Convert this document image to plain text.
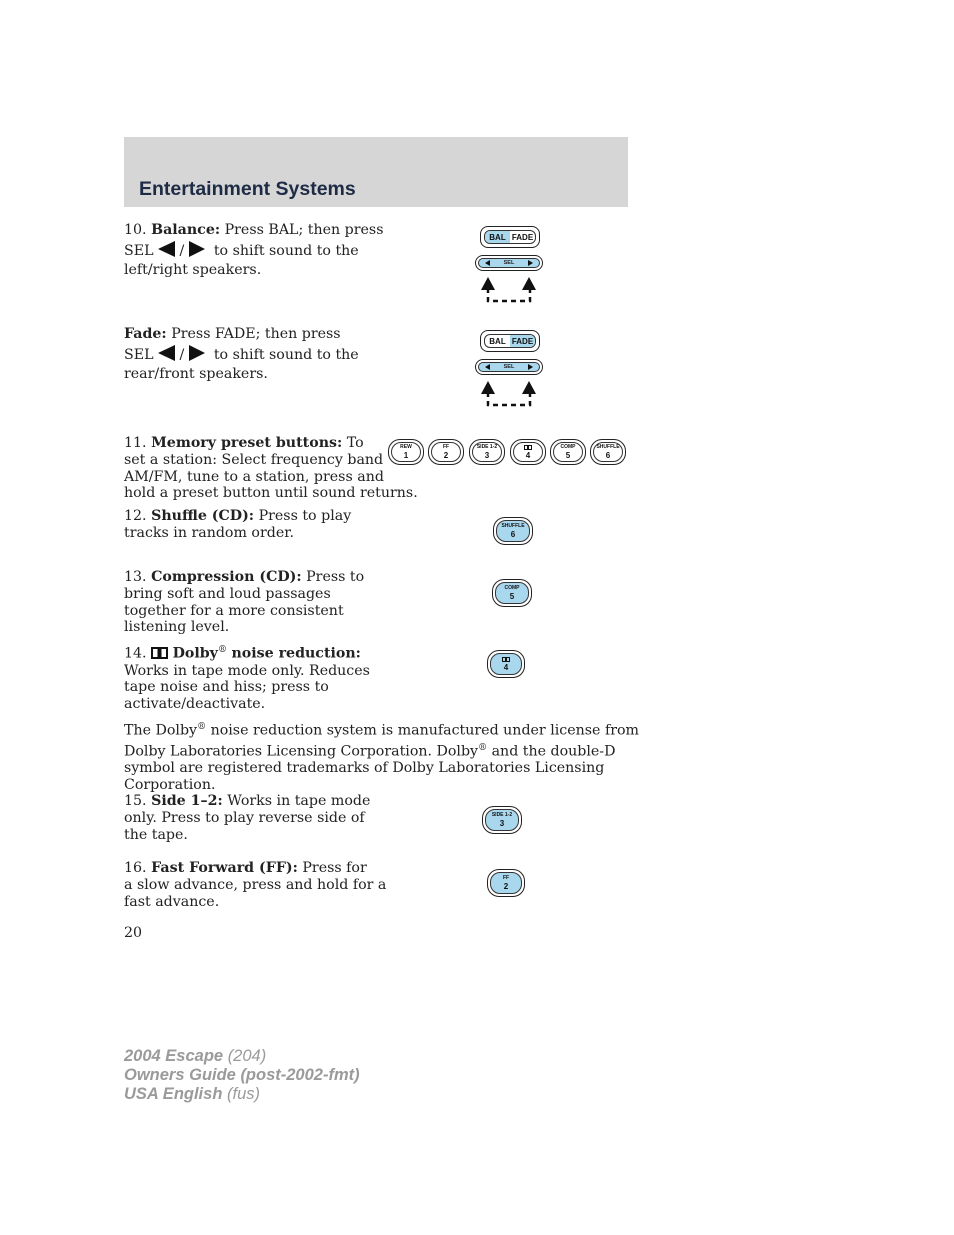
Entertainment Systems
10. Balance: Press BAL; then press
SEL / to shift sound to the
left/right speakers.
BAL FADE
SEL
Fade: Press FADE; then press
SEL / to shift sound to the
rear/front speakers.
BAL FADE
SEL
11. Memory preset buttons: To
set a station: Select frequency band
AM/FM, tune to a station, press and
hold a preset button until sound returns.
REW
1
FF
2
SIDE 1-2
3	4
COMP
5
SHUFFLE
6
12. Shuffle (CD): Press to play
tracks in random order.	SHUFFLE
6
13. Compression (CD): Press to
bring soft and loud passages
together for a more consistent
listening level.
COMP
5
14. Dolby® noise reduction:
Works in tape mode only. Reduces
tape noise and hiss; press to
activate/deactivate.
4
The Dolby® noise reduction system is manufactured under license from
Dolby Laboratories Licensing Corporation. Dolby® and the double-D
symbol are registered trademarks of Dolby Laboratories Licensing
Corporation.
15. Side 1–2: Works in tape mode
only. Press to play reverse side of
the tape.
SIDE 1-2
3
16. Fast Forward (FF): Press for
a slow advance, press and hold for a
fast advance.
FF
2
20
2004 Escape (204)
Owners Guide (post-2002-fmt)
USA English (fus)
